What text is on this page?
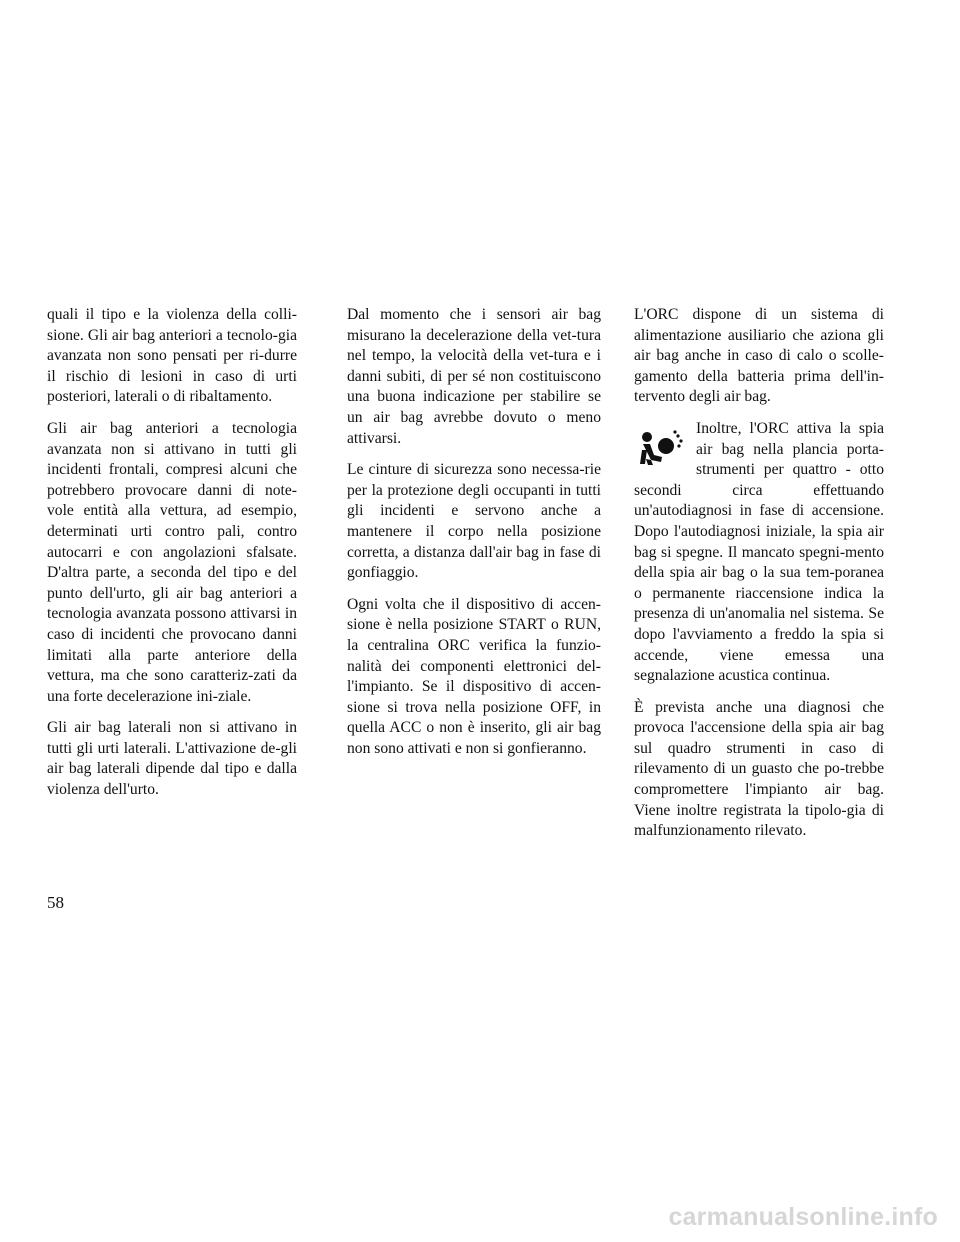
quali il tipo e la violenza della colli-sione. Gli air bag anteriori a tecnolo-gia avanzata non sono pensati per ri-durre il rischio di lesioni in caso di urti posteriori, laterali o di ribaltamento.

Gli air bag anteriori a tecnologia avanzata non si attivano in tutti gli incidenti frontali, compresi alcuni che potrebbero provocare danni di note-vole entità alla vettura, ad esempio, determinati urti contro pali, contro autocarri e con angolazioni sfalsate. D'altra parte, a seconda del tipo e del punto dell'urto, gli air bag anteriori a tecnologia avanzata possono attivarsi in caso di incidenti che provocano danni limitati alla parte anteriore della vettura, ma che sono caratteriz-zati da una forte decelerazione ini-ziale.

Gli air bag laterali non si attivano in tutti gli urti laterali. L'attivazione de-gli air bag laterali dipende dal tipo e dalla violenza dell'urto.

Dal momento che i sensori air bag misurano la decelerazione della vet-tura nel tempo, la velocità della vet-tura e i danni subiti, di per sé non costituiscono una buona indicazione per stabilire se un air bag avrebbe dovuto o meno attivarsi.

Le cinture di sicurezza sono necessa-rie per la protezione degli occupanti in tutti gli incidenti e servono anche a mantenere il corpo nella posizione corretta, a distanza dall'air bag in fase di gonfiaggio.

Ogni volta che il dispositivo di accen-sione è nella posizione START o RUN, la centralina ORC verifica la funzio-nalità dei componenti elettronici del-l'impianto. Se il dispositivo di accen-sione si trova nella posizione OFF, in quella ACC o non è inserito, gli air bag non sono attivati e non si gonfieranno.

L'ORC dispone di un sistema di alimentazione ausiliario che aziona gli air bag anche in caso di calo o scolle-gamento della batteria prima dell'in-tervento degli air bag.

Inoltre, l'ORC attiva la spia air bag nella plancia porta-strumenti per quattro - otto secondi circa effettuando un'autodiagnosi in fase di accensione. Dopo l'autodiagnosi iniziale, la spia air bag si spegne. Il mancato spegni-mento della spia air bag o la sua tem-poranea o permanente riaccensione indica la presenza di un'anomalia nel sistema. Se dopo l'avviamento a freddo la spia si accende, viene emessa una segnalazione acustica continua.

È prevista anche una diagnosi che provoca l'accensione della spia air bag sul quadro strumenti in caso di rilevamento di un guasto che po-trebbe compromettere l'impianto air bag. Viene inoltre registrata la tipolo-gia di malfunzionamento rilevato.

58
carmanualsonline.info
